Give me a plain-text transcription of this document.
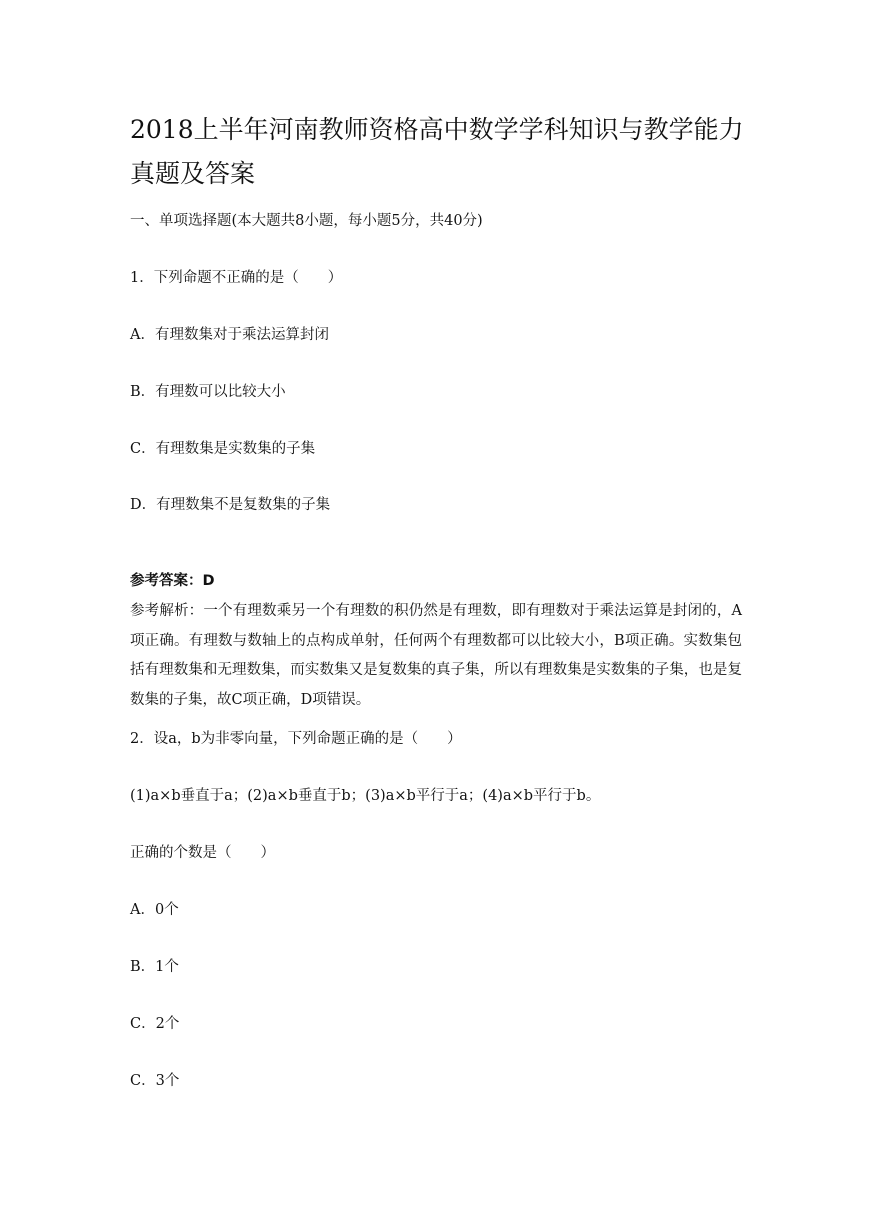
2018上半年河南教师资格高中数学学科知识与教学能力真题及答案
一、单项选择题(本大题共8小题，每小题5分，共40分)
1．下列命题不正确的是（　　）
A．有理数集对于乘法运算封闭
B．有理数可以比较大小
C．有理数集是实数集的子集
D．有理数集不是复数集的子集
参考答案：D
参考解析：一个有理数乘另一个有理数的积仍然是有理数，即有理数对于乘法运算是封闭的，A项正确。有理数与数轴上的点构成单射，任何两个有理数都可以比较大小，B项正确。实数集包括有理数集和无理数集，而实数集又是复数集的真子集，所以有理数集是实数集的子集，也是复数集的子集，故C项正确，D项错误。
2．设a，b为非零向量，下列命题正确的是（　　）
(1)a×b垂直于a；(2)a×b垂直于b；(3)a×b平行于a；(4)a×b平行于b。
正确的个数是（　　）
A．0个
B．1个
C．2个
C．3个
